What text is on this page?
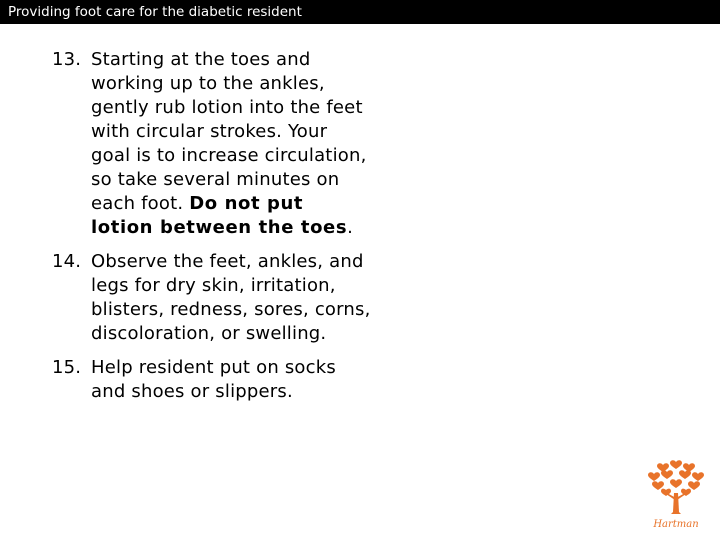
Providing foot care for the diabetic resident
13. Starting at the toes and working up to the ankles, gently rub lotion into the feet with circular strokes. Your goal is to increase circulation, so take several minutes on each foot. Do not put lotion between the toes.
14. Observe the feet, ankles, and legs for dry skin, irritation, blisters, redness, sores, corns, discoloration, or swelling.
15. Help resident put on socks and shoes or slippers.
Hartman
